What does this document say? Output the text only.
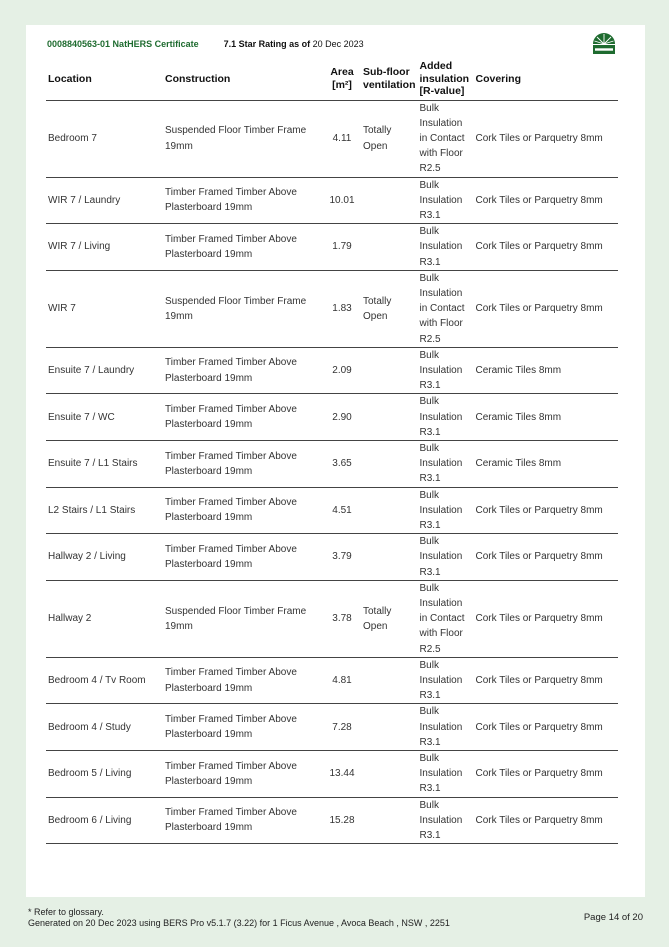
0008840563-01 NatHERS Certificate	7.1 Star Rating as of 20 Dec 2023
Location	Construction	Area [m²]	Sub-floor ventilation	Added insulation [R-value]	Covering
Bedroom 7	Suspended Floor Timber Frame 19mm	4.11	Totally Open	Bulk Insulation in Contact with Floor R2.5	Cork Tiles or Parquetry 8mm
WIR 7 / Laundry	Timber Framed Timber Above Plasterboard 19mm	10.01		Bulk Insulation R3.1	Cork Tiles or Parquetry 8mm
WIR 7 / Living	Timber Framed Timber Above Plasterboard 19mm	1.79		Bulk Insulation R3.1	Cork Tiles or Parquetry 8mm
WIR 7	Suspended Floor Timber Frame 19mm	1.83	Totally Open	Bulk Insulation in Contact with Floor R2.5	Cork Tiles or Parquetry 8mm
Ensuite 7 / Laundry	Timber Framed Timber Above Plasterboard 19mm	2.09		Bulk Insulation R3.1	Ceramic Tiles 8mm
Ensuite 7 / WC	Timber Framed Timber Above Plasterboard 19mm	2.90		Bulk Insulation R3.1	Ceramic Tiles 8mm
Ensuite 7 / L1 Stairs	Timber Framed Timber Above Plasterboard 19mm	3.65		Bulk Insulation R3.1	Ceramic Tiles 8mm
L2 Stairs / L1 Stairs	Timber Framed Timber Above Plasterboard 19mm	4.51		Bulk Insulation R3.1	Cork Tiles or Parquetry 8mm
Hallway 2 / Living	Timber Framed Timber Above Plasterboard 19mm	3.79		Bulk Insulation R3.1	Cork Tiles or Parquetry 8mm
Hallway 2	Suspended Floor Timber Frame 19mm	3.78	Totally Open	Bulk Insulation in Contact with Floor R2.5	Cork Tiles or Parquetry 8mm
Bedroom 4 / Tv Room	Timber Framed Timber Above Plasterboard 19mm	4.81		Bulk Insulation R3.1	Cork Tiles or Parquetry 8mm
Bedroom 4 / Study	Timber Framed Timber Above Plasterboard 19mm	7.28		Bulk Insulation R3.1	Cork Tiles or Parquetry 8mm
Bedroom 5 / Living	Timber Framed Timber Above Plasterboard 19mm	13.44		Bulk Insulation R3.1	Cork Tiles or Parquetry 8mm
Bedroom 6 / Living	Timber Framed Timber Above Plasterboard 19mm	15.28		Bulk Insulation R3.1	Cork Tiles or Parquetry 8mm
* Refer to glossary.
Generated on 20 Dec 2023 using BERS Pro v5.1.7 (3.22) for 1 Ficus Avenue , Avoca Beach , NSW , 2251	Page 14 of 20
